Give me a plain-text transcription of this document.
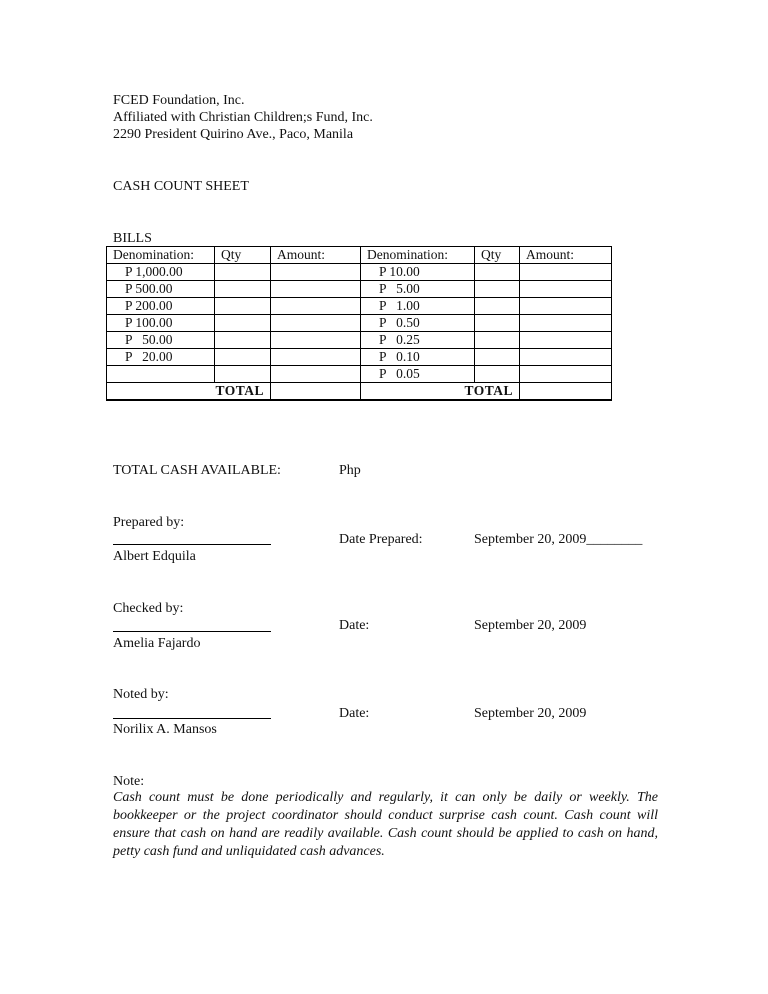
FCED Foundation, Inc.
Affiliated with Christian Children;s Fund, Inc.
2290 President Quirino Ave., Paco, Manila
CASH COUNT SHEET
BILLS
Denomination:	Qty	Amount:	Denomination:	Qty	Amount:
P 1,000.00			P 10.00		
P 500.00			P   5.00		
P 200.00			P   1.00		
P 100.00			P   0.50		
P   50.00			P   0.25		
P   20.00			P   0.10		
			P   0.05		
TOTAL			TOTAL		
TOTAL CASH AVAILABLE:	Php
Prepared by:
Albert Edquila
Date Prepared:	September 20, 2009________
Checked by:
Amelia Fajardo
Date:	September 20, 2009
Noted by:
Norilix A. Mansos
Date:	September 20, 2009
Note:
Cash count must be done periodically and regularly, it can only be daily or weekly. The bookkeeper or the project coordinator should conduct surprise cash count. Cash count will ensure that cash on hand are readily available. Cash count should be applied to cash on hand, petty cash fund and unliquidated cash advances.
